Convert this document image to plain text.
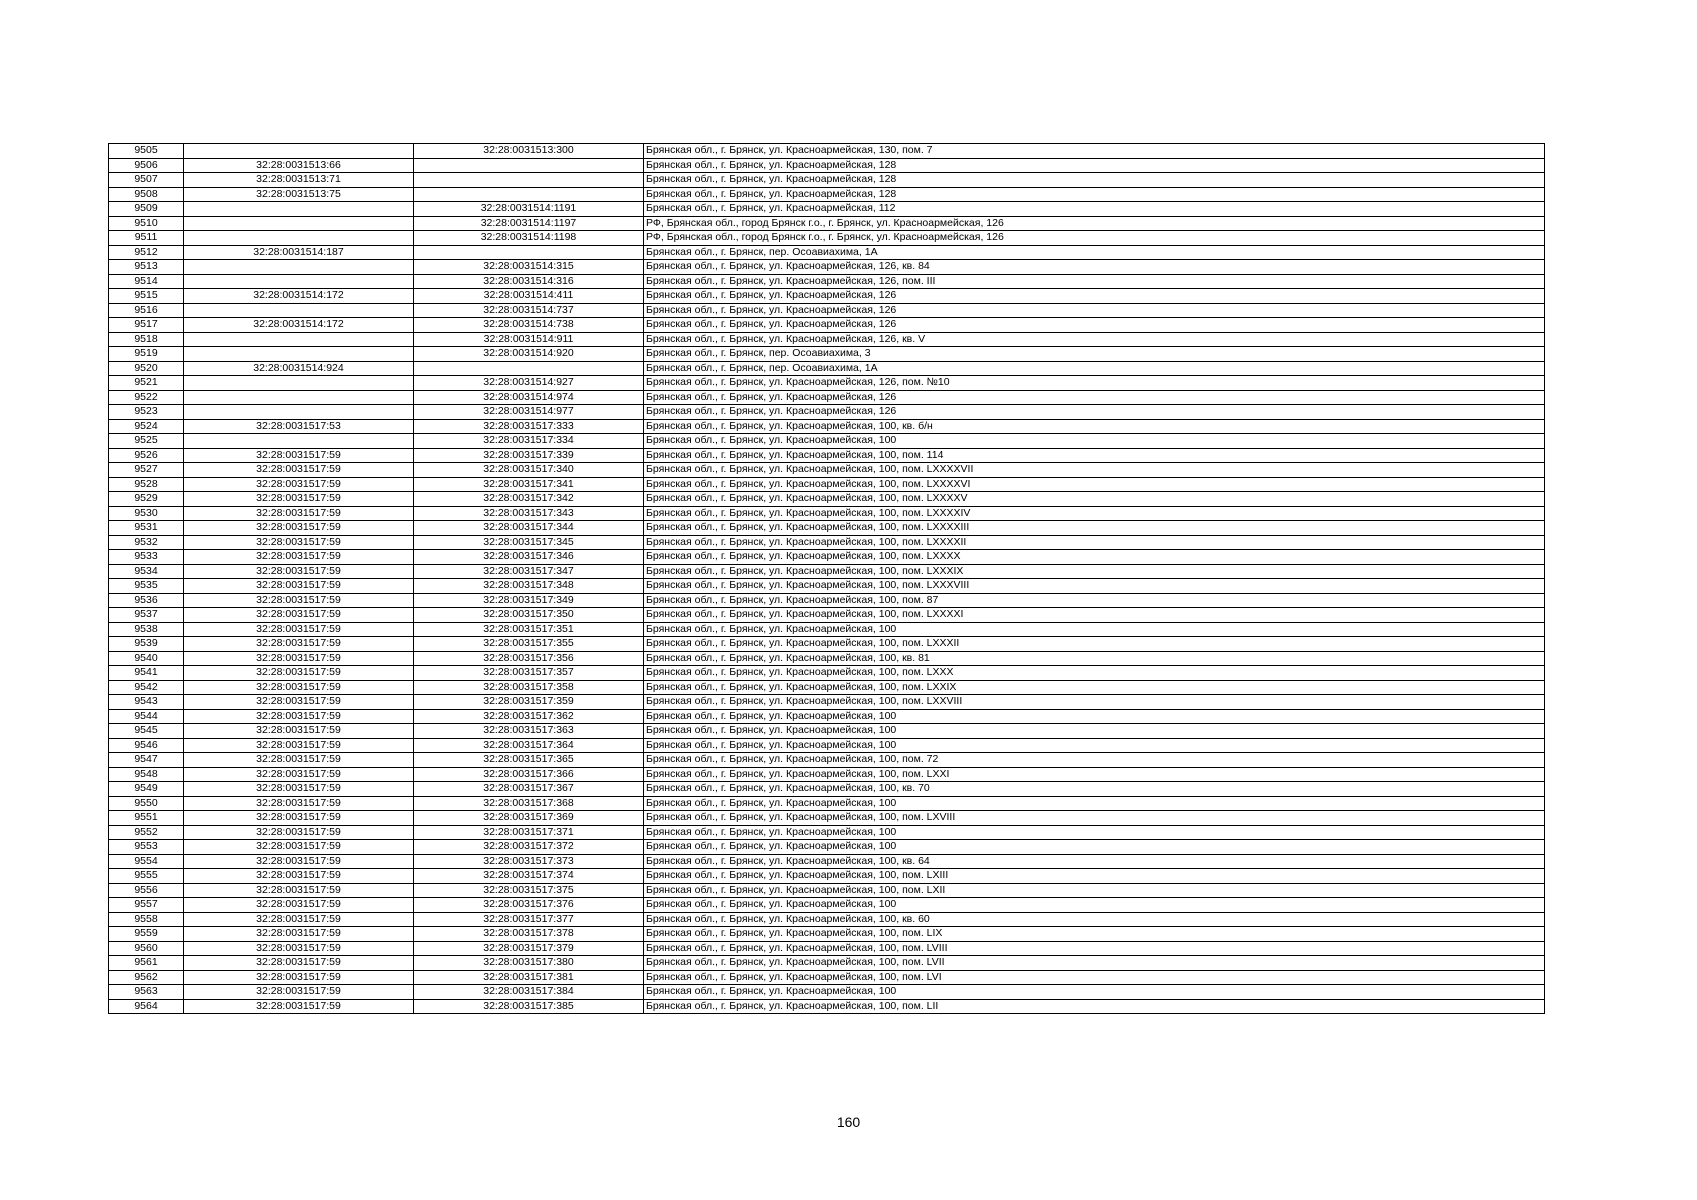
9505		32:28:0031513:300	Брянская обл., г. Брянск, ул. Красноармейская, 130, пом. 7
9506	32:28:0031513:66		Брянская обл., г. Брянск, ул. Красноармейская, 128
9507	32:28:0031513:71		Брянская обл., г. Брянск, ул. Красноармейская, 128
9508	32:28:0031513:75		Брянская обл., г. Брянск, ул. Красноармейская, 128
9509		32:28:0031514:1191	Брянская обл., г. Брянск, ул. Красноармейская, 112
9510		32:28:0031514:1197	РФ, Брянская обл., город Брянск г.о., г. Брянск, ул. Красноармейская, 126
9511		32:28:0031514:1198	РФ, Брянская обл., город Брянск г.о., г. Брянск, ул. Красноармейская, 126
9512	32:28:0031514:187		Брянская обл., г. Брянск, пер. Осоавиахима, 1А
9513		32:28:0031514:315	Брянская обл., г. Брянск, ул. Красноармейская, 126, кв. 84
9514		32:28:0031514:316	Брянская обл., г. Брянск, ул. Красноармейская, 126, пом. III
9515	32:28:0031514:172	32:28:0031514:411	Брянская обл., г. Брянск, ул. Красноармейская, 126
9516		32:28:0031514:737	Брянская обл., г. Брянск, ул. Красноармейская, 126
9517	32:28:0031514:172	32:28:0031514:738	Брянская обл., г. Брянск, ул. Красноармейская, 126
9518		32:28:0031514:911	Брянская обл., г. Брянск, ул. Красноармейская, 126, кв. V
9519		32:28:0031514:920	Брянская обл., г. Брянск, пер. Осоавиахима, 3
9520	32:28:0031514:924		Брянская обл., г. Брянск, пер. Осоавиахима, 1А
9521		32:28:0031514:927	Брянская обл., г. Брянск, ул. Красноармейская, 126, пом. №10
9522		32:28:0031514:974	Брянская обл., г. Брянск, ул. Красноармейская, 126
9523		32:28:0031514:977	Брянская обл., г. Брянск, ул. Красноармейская, 126
9524	32:28:0031517:53	32:28:0031517:333	Брянская обл., г. Брянск, ул. Красноармейская, 100, кв. б/н
9525		32:28:0031517:334	Брянская обл., г. Брянск, ул. Красноармейская, 100
9526	32:28:0031517:59	32:28:0031517:339	Брянская обл., г. Брянск, ул. Красноармейская, 100, пом. 114
9527	32:28:0031517:59	32:28:0031517:340	Брянская обл., г. Брянск, ул. Красноармейская, 100, пом. LXXXXVII
9528	32:28:0031517:59	32:28:0031517:341	Брянская обл., г. Брянск, ул. Красноармейская, 100, пом. LXXXXVI
9529	32:28:0031517:59	32:28:0031517:342	Брянская обл., г. Брянск, ул. Красноармейская, 100, пом. LXXXXV
9530	32:28:0031517:59	32:28:0031517:343	Брянская обл., г. Брянск, ул. Красноармейская, 100, пом. LXXXXIV
9531	32:28:0031517:59	32:28:0031517:344	Брянская обл., г. Брянск, ул. Красноармейская, 100, пом. LXXXXIII
9532	32:28:0031517:59	32:28:0031517:345	Брянская обл., г. Брянск, ул. Красноармейская, 100, пом. LXXXXII
9533	32:28:0031517:59	32:28:0031517:346	Брянская обл., г. Брянск, ул. Красноармейская, 100, пом. LXXXX
9534	32:28:0031517:59	32:28:0031517:347	Брянская обл., г. Брянск, ул. Красноармейская, 100, пом. LXXXIX
9535	32:28:0031517:59	32:28:0031517:348	Брянская обл., г. Брянск, ул. Красноармейская, 100, пом. LXXXVIII
9536	32:28:0031517:59	32:28:0031517:349	Брянская обл., г. Брянск, ул. Красноармейская, 100, пом. 87
9537	32:28:0031517:59	32:28:0031517:350	Брянская обл., г. Брянск, ул. Красноармейская, 100, пом. LXXXXI
9538	32:28:0031517:59	32:28:0031517:351	Брянская обл., г. Брянск, ул. Красноармейская, 100
9539	32:28:0031517:59	32:28:0031517:355	Брянская обл., г. Брянск, ул. Красноармейская, 100, пом. LXXXII
9540	32:28:0031517:59	32:28:0031517:356	Брянская обл., г. Брянск, ул. Красноармейская, 100, кв. 81
9541	32:28:0031517:59	32:28:0031517:357	Брянская обл., г. Брянск, ул. Красноармейская, 100, пом. LXXX
9542	32:28:0031517:59	32:28:0031517:358	Брянская обл., г. Брянск, ул. Красноармейская, 100, пом. LXXIX
9543	32:28:0031517:59	32:28:0031517:359	Брянская обл., г. Брянск, ул. Красноармейская, 100, пом. LXXVIII
9544	32:28:0031517:59	32:28:0031517:362	Брянская обл., г. Брянск, ул. Красноармейская, 100
9545	32:28:0031517:59	32:28:0031517:363	Брянская обл., г. Брянск, ул. Красноармейская, 100
9546	32:28:0031517:59	32:28:0031517:364	Брянская обл., г. Брянск, ул. Красноармейская, 100
9547	32:28:0031517:59	32:28:0031517:365	Брянская обл., г. Брянск, ул. Красноармейская, 100, пом. 72
9548	32:28:0031517:59	32:28:0031517:366	Брянская обл., г. Брянск, ул. Красноармейская, 100, пом. LXXI
9549	32:28:0031517:59	32:28:0031517:367	Брянская обл., г. Брянск, ул. Красноармейская, 100, кв. 70
9550	32:28:0031517:59	32:28:0031517:368	Брянская обл., г. Брянск, ул. Красноармейская, 100
9551	32:28:0031517:59	32:28:0031517:369	Брянская обл., г. Брянск, ул. Красноармейская, 100, пом. LXVIII
9552	32:28:0031517:59	32:28:0031517:371	Брянская обл., г. Брянск, ул. Красноармейская, 100
9553	32:28:0031517:59	32:28:0031517:372	Брянская обл., г. Брянск, ул. Красноармейская, 100
9554	32:28:0031517:59	32:28:0031517:373	Брянская обл., г. Брянск, ул. Красноармейская, 100, кв. 64
9555	32:28:0031517:59	32:28:0031517:374	Брянская обл., г. Брянск, ул. Красноармейская, 100, пом. LXIII
9556	32:28:0031517:59	32:28:0031517:375	Брянская обл., г. Брянск, ул. Красноармейская, 100, пом. LXII
9557	32:28:0031517:59	32:28:0031517:376	Брянская обл., г. Брянск, ул. Красноармейская, 100
9558	32:28:0031517:59	32:28:0031517:377	Брянская обл., г. Брянск, ул. Красноармейская, 100, кв. 60
9559	32:28:0031517:59	32:28:0031517:378	Брянская обл., г. Брянск, ул. Красноармейская, 100, пом. LIX
9560	32:28:0031517:59	32:28:0031517:379	Брянская обл., г. Брянск, ул. Красноармейская, 100, пом. LVIII
9561	32:28:0031517:59	32:28:0031517:380	Брянская обл., г. Брянск, ул. Красноармейская, 100, пом. LVII
9562	32:28:0031517:59	32:28:0031517:381	Брянская обл., г. Брянск, ул. Красноармейская, 100, пом. LVI
9563	32:28:0031517:59	32:28:0031517:384	Брянская обл., г. Брянск, ул. Красноармейская, 100
9564	32:28:0031517:59	32:28:0031517:385	Брянская обл., г. Брянск, ул. Красноармейская, 100, пом. LII
160
